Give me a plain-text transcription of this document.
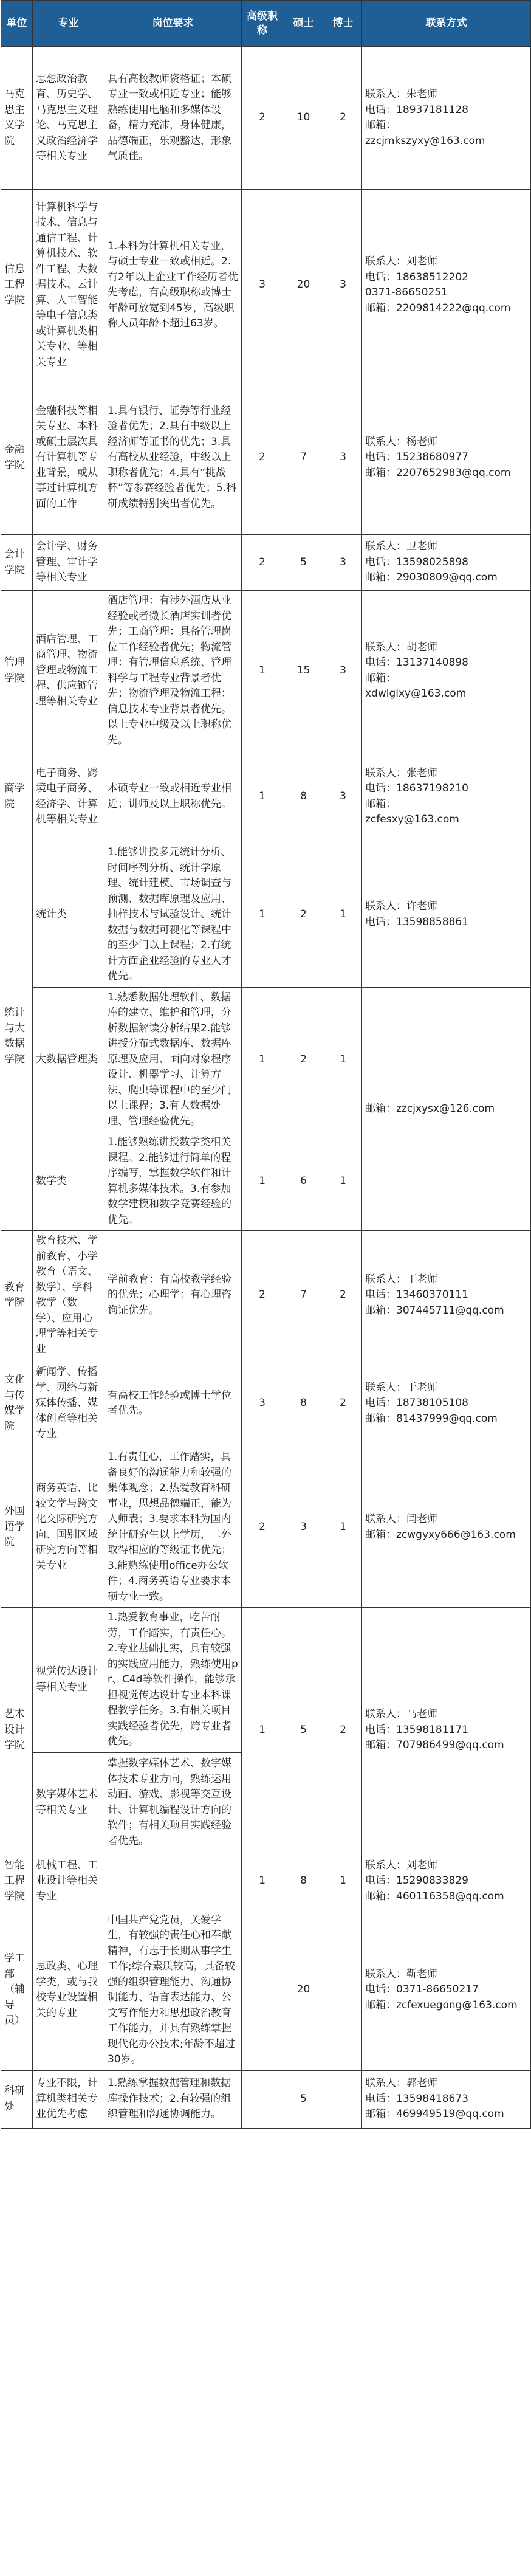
单位	专业	岗位要求	高级职称	硕士	博士	联系方式	
马克思主义学院	思想政治教育、历史学、马克思主义理论、马克思主义政治经济学等相关专业	具有高校教师资格证；本硕专业一致或相近专业；能够熟练使用电脑和多媒体设备，精力充沛，身体健康，品德端正，乐观豁达，形象气质佳。	2	10	2	联系人：朱老师
电话：18937181128
邮箱：
zzcjmkszyxy@163.com	

信息工程学院	计算机科学与技术、信息与通信工程、计算机技术、软件工程、大数据技术、云计算、人工智能等电子信息类或计算机类相关专业、等相关专业	1.本科为计算机相关专业，与硕士专业一致或相近。2.有2年以上企业工作经历者优先考虑，有高级职称或博士年龄可放宽到45岁，高级职称人员年龄不超过63岁。	3	20	3	联系人：刘老师
电话：18638512202
0371-86650251
邮箱：2209814222@qq.com	

金融学院	金融科技等相关专业、本科或硕士层次具有计算机等专业背景，或从事过计算机方面的工作	1.具有银行、证券等行业经验者优先；2.具有中级以上经济师等证书的优先；3.具有高校从业经验，中级以上职称者优先；4.具有“挑战杯”等参赛经验者优先；5.科研成绩特别突出者优先。	2	7	3	联系人：杨老师
电话：15238680977
邮箱：2207652983@qq.com	

会计学院	会计学、财务管理、审计学等相关专业		2	5	3	联系人：卫老师
电话：13598025898
邮箱：29030809@qq.com	

管理学院	酒店管理、工商管理、物流管理或物流工程、供应链管理等相关专业	酒店管理：有涉外酒店从业经验或者微长酒店实训者优先；工商管理：具备管理岗位工作经验者优先；物流管理：有管理信息系统、管理科学与工程专业背景者优先；物流管理及物流工程：信息技术专业背景者优先。以上专业中级及以上职称优先。	1	15	3	联系人：胡老师
电话：13137140898
邮箱：
xdwlglxy@163.com	

商学院	电子商务、跨境电子商务、经济学、计算机等相关专业	本硕专业一致或相近专业相近；讲师及以上职称优先。	1	8	3	联系人：张老师
电话：18637198210
邮箱：
zcfesxy@163.com	

统计与大数据学院	统计类	1.能够讲授多元统计分析、时间序列分析、统计学原理、统计建模、市场调查与预测、数据库原理及应用、抽样技术与试验设计、统计数据与数据可视化等课程中的至少门以上课程；2.有统计方面企业经验的专业人才优先。	1	2	1	联系人：许老师
电话：13598858861	

	大数据管理类	1.熟悉数据处理软件、数据库的建立、维护和管理，分析数据解读分析结果2.能够讲授分布式数据库、数据库原理及应用、面向对象程序设计、机器学习、计算方法、爬虫等课程中的至少门以上课程；3.有大数据处理、管理经验优先。	1	2	1	邮箱：zzcjxysx@126.com	

	数学类	1.能够熟练讲授数学类相关课程。2.能够进行简单的程序编写，掌握数学软件和计算机多媒体技术。3.有参加数学建模和数学竞赛经验的优先。	1	6	1		
教育学院	教育技术、学前教育、小学教育（语文、数学）、学科教学（数学）、应用心理学等相关专业	学前教育：有高校教学经验的优先；心理学：有心理咨询证优先。	2	7	2	联系人：丁老师
电话：13460370111
邮箱：307445711@qq.com	

文化与传媒学院	新闻学、传播学、网络与新媒体传播、媒体创意等相关专业	有高校工作经验或博士学位者优先。	3	8	2	联系人：于老师
电话：18738105108
邮箱：81437999@qq.com	

外国语学院	商务英语、比较文学与跨文化交际研究方向、国别区域研究方向等相关专业	1.有责任心，工作踏实，具备良好的沟通能力和较强的集体观念；2.热爱教育科研事业，思想品德端正，能为人师表；3.要求本科为国内统计研究生以上学历，二外取得相应的等级证书优先；3.能熟练使用office办公软件；4.商务英语专业要求本硕专业一致。	2	3	1	联系人：闫老师
邮箱：zcwgyxy666@163.com	

艺术设计学院	视觉传达设计等相关专业	1.热爱教育事业，吃苦耐劳，工作踏实，有责任心。2.专业基础扎实，具有较强的实践应用能力，熟练使用pr、C4d等软件操作，能够承担视觉传达设计专业本科课程教学任务。3.有相关项目实践经验者优先，跨专业者优先。	1	5	2	联系人：马老师
电话：13598181171
邮箱：707986499@qq.com	

	数字媒体艺术等相关专业	掌握数字媒体艺术、数字媒体技术专业方向，熟练运用动画、游戏、影视等交互设计、计算机编程设计方向的软件；有相关项目实践经验者优先。					
智能工程学院	机械工程、工业设计等相关专业		1	8	1	联系人：刘老师
电话：15290833829
邮箱：460116358@qq.com	

学工部（辅导员）	思政类、心理学类，或与我校专业设置相关的专业	中国共产党党员，关爱学生，有较强的责任心和奉献精神，有志于长期从事学生工作;综合素质较高，具备较强的组织管理能力、沟通协调能力、语言表达能力、公文写作能力和思想政治教育工作能力，并具有熟练掌握现代化办公技术;年龄不超过30岁。		20		联系人：靳老师
电话：0371-86650217
邮箱：zcfexuegong@163.com	

科研处	专业不限，计算机类相关专业优先考虑	1.熟练掌握数据管理和数据库操作技术；2.有较强的组织管理和沟通协调能力。		5		联系人：郭老师
电话：13598418673
邮箱：469949519@qq.com	
